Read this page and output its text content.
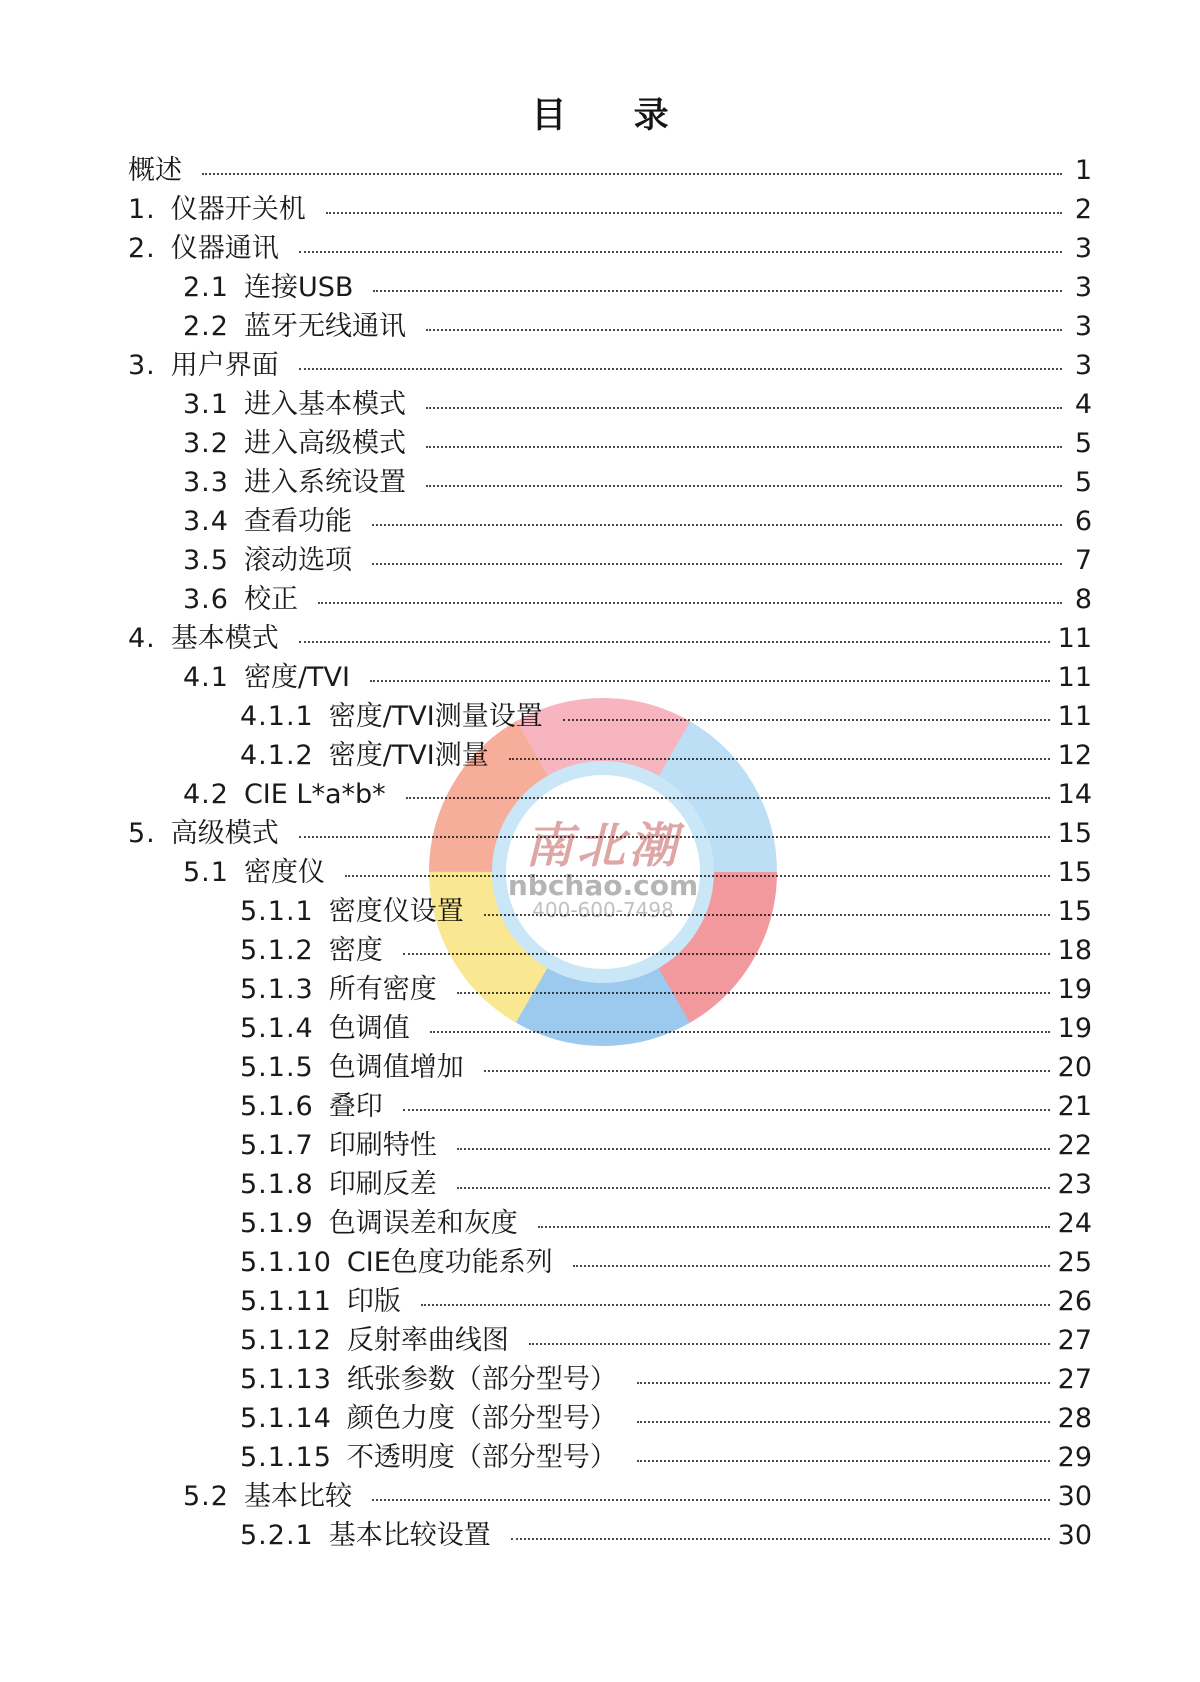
目 录
概述	1
1. 仪器开关机	2
2. 仪器通讯	3
2.1 连接USB	3
2.2 蓝牙无线通讯	3
3. 用户界面	3
3.1 进入基本模式	4
3.2 进入高级模式	5
3.3 进入系统设置	5
3.4 查看功能	6
3.5 滚动选项	7
3.6 校正	8
4. 基本模式	11
4.1 密度/TVI	11
4.1.1 密度/TVI测量设置	11
4.1.2 密度/TVI测量	12
4.2 CIE L*a*b*	14
5. 高级模式	15
5.1 密度仪	15
5.1.1 密度仪设置	15
5.1.2 密度	18
5.1.3 所有密度	19
5.1.4 色调值	19
5.1.5 色调值增加	20
5.1.6 叠印	21
5.1.7 印刷特性	22
5.1.8 印刷反差	23
5.1.9 色调误差和灰度	24
5.1.10 CIE色度功能系列	25
5.1.11 印版	26
5.1.12 反射率曲线图	27
5.1.13 纸张参数（部分型号）	27
5.1.14 颜色力度（部分型号）	28
5.1.15 不透明度（部分型号）	29
5.2 基本比较	30
5.2.1 基本比较设置	30
南北潮
nbchao.com
400-600-7498
